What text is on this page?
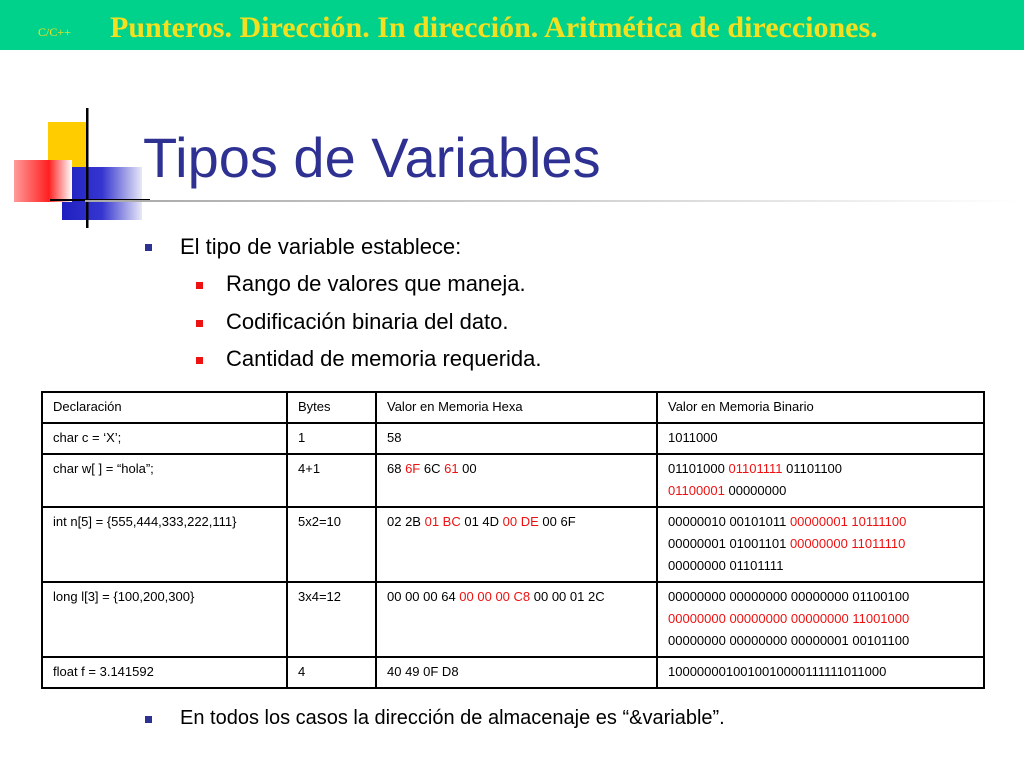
C/C++ Punteros. Dirección. In dirección. Aritmética de direcciones.
Tipos de Variables
El tipo de variable establece:
Rango de valores que maneja.
Codificación binaria del dato.
Cantidad de memoria requerida.
Declaración	Bytes	Valor en Memoria Hexa	Valor en Memoria Binario
char c = ‘X’;	1	58	1011000

char w[ ] = “hola”;	4+1	68 6F 6C 61 00	01101000 01101111 01101100
01100001 00000000

int n[5] = {555,444,333,222,111}	5x2=10	02 2B 01 BC 01 4D 00 DE 00 6F	00000010 00101011 00000001 10111100
00000001 01001101 00000000 11011110
00000000 01101111

long l[3] = {100,200,300}	3x4=12	00 00 00 64 00 00 00 C8 00 00 01 2C	00000000 00000000 00000000 01100100
00000000 00000000 00000000 11001000
00000000 00000000 00000001 00101100

float f = 3.141592	4	40 49 0F D8	1000000010010010000111111011000
En todos los casos la dirección de almacenaje es “&variable”.
